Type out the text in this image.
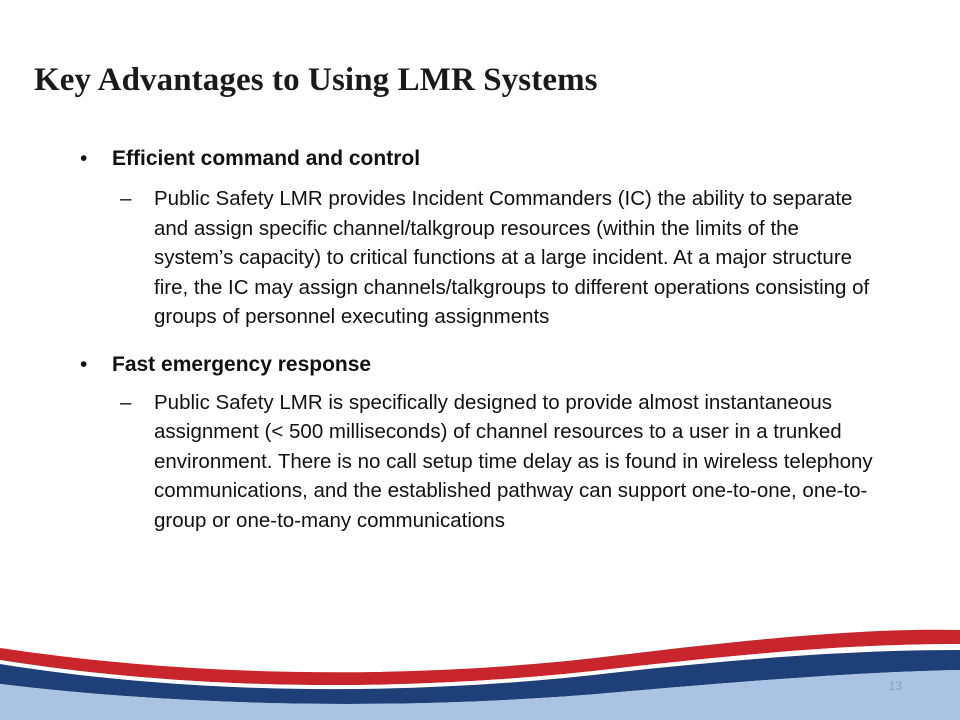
Key Advantages to Using LMR Systems
• Efficient command and control
– Public Safety LMR provides Incident Commanders (IC) the ability to separate and assign specific channel/talkgroup resources (within the limits of the system’s capacity) to critical functions at a large incident. At a major structure fire, the IC may assign channels/talkgroups to different operations consisting of groups of personnel executing assignments
• Fast emergency response
– Public Safety LMR is specifically designed to provide almost instantaneous assignment (< 500 milliseconds) of channel resources to a user in a trunked environment. There is no call setup time delay as is found in wireless telephony communications, and the established pathway can support one-to-one, one-to-group or one-to-many communications
13
